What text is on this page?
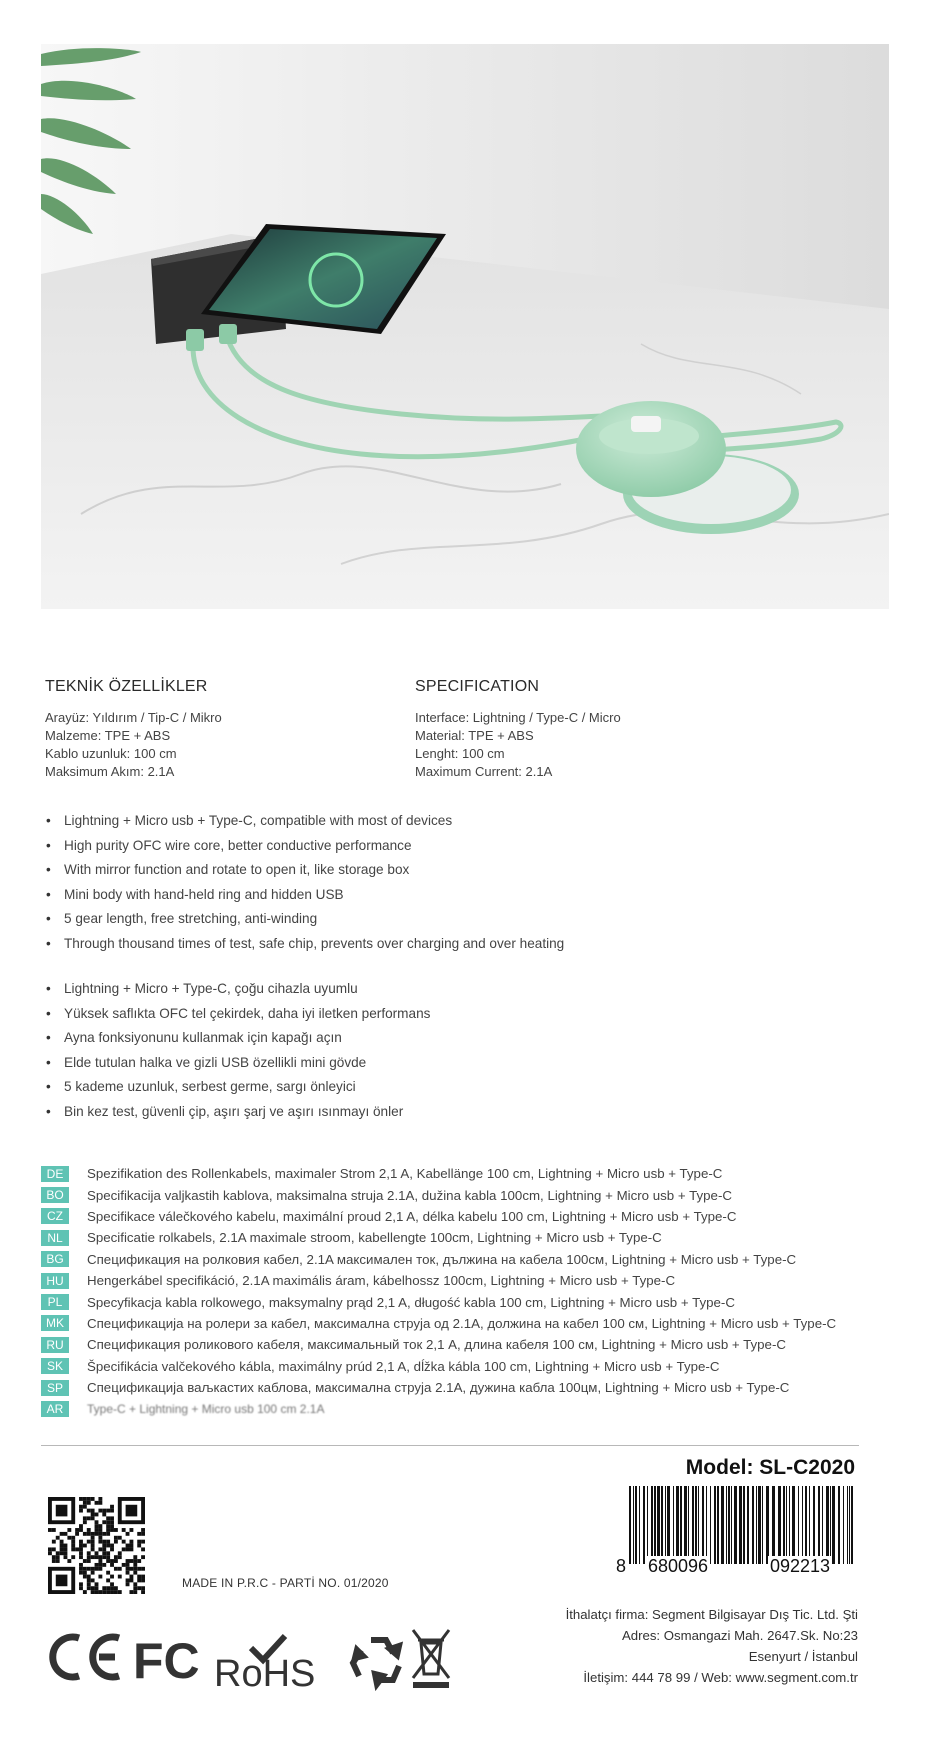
TEKNİK ÖZELLİKLER	SPECIFICATION
Arayüz: Yıldırım / Tip-C / Mikro
Malzeme: TPE + ABS
Kablo uzunluk: 100 cm
Maksimum Akım: 2.1A
Interface: Lightning / Type-C / Micro
Material: TPE + ABS
Lenght: 100 cm
Maximum Current: 2.1A
• Lightning + Micro usb + Type-C, compatible with most of devices
• High purity OFC wire core, better conductive performance
• With mirror function and rotate to open it, like storage box
• Mini body with hand-held ring and hidden USB
• 5 gear length, free stretching, anti-winding
• Through thousand times of test, safe chip, prevents over charging and over heating
• Lightning + Micro + Type-C, çoğu cihazla uyumlu
• Yüksek saflıkta OFC tel çekirdek, daha iyi iletken performans
• Ayna fonksiyonunu kullanmak için kapağı açın
• Elde tutulan halka ve gizli USB özellikli mini gövde
• 5 kademe uzunluk, serbest germe, sargı önleyici
• Bin kez test, güvenli çip, aşırı şarj ve aşırı ısınmayı önler
DE	Spezifikation des Rollenkabels, maximaler Strom 2,1 A, Kabellänge 100 cm, Lightning + Micro usb + Type-C
BO	Specifikacija valjkastih kablova, maksimalna struja 2.1A, dužina kabla 100cm, Lightning + Micro usb + Type-C
CZ	Specifikace válečkového kabelu, maximální proud 2,1 A, délka kabelu 100 cm, Lightning + Micro usb + Type-C
NL	Specificatie rolkabels, 2.1A maximale stroom, kabellengte 100cm, Lightning + Micro usb + Type-C
BG	Спецификация на ролковия кабел, 2.1A максимален ток, дължина на кабела 100см, Lightning + Micro usb + Type-C
HU	Hengerkábel specifikáció, 2.1A maximális áram, kábelhossz 100cm, Lightning + Micro usb + Type-C
PL	Specyfikacja kabla rolkowego, maksymalny prąd 2,1 A, długość kabla 100 cm, Lightning + Micro usb + Type-C
MK	Спецификација на ролери за кабел, максимална струја од 2.1A, должина на кабел 100 см, Lightning + Micro usb + Type-C
RU	Спецификация роликового кабеля, максимальный ток 2,1 A, длина кабеля 100 см, Lightning + Micro usb + Type-C
SK	Špecifikácia valčekového kábla, maximálny prúd 2,1 A, dĺžka kábla 100 cm, Lightning + Micro usb + Type-C
SP	Спецификација ваљкастих каблова, максимална струја 2.1A, дужина кабла 100цм, Lightning + Micro usb + Type-C
AR	Type-C + Lightning + Micro usb 100 cm 2.1A
Model: SL-C2020
8 680096	092213
MADE IN P.R.C - PARTİ NO. 01/2020
İthalatçı firma: Segment Bilgisayar Dış Tic. Ltd. Şti
Adres: Osmangazi Mah. 2647.Sk. No:23
Esenyurt / İstanbul
İletişim: 444 78 99 / Web: www.segment.com.tr
FC RoHS
